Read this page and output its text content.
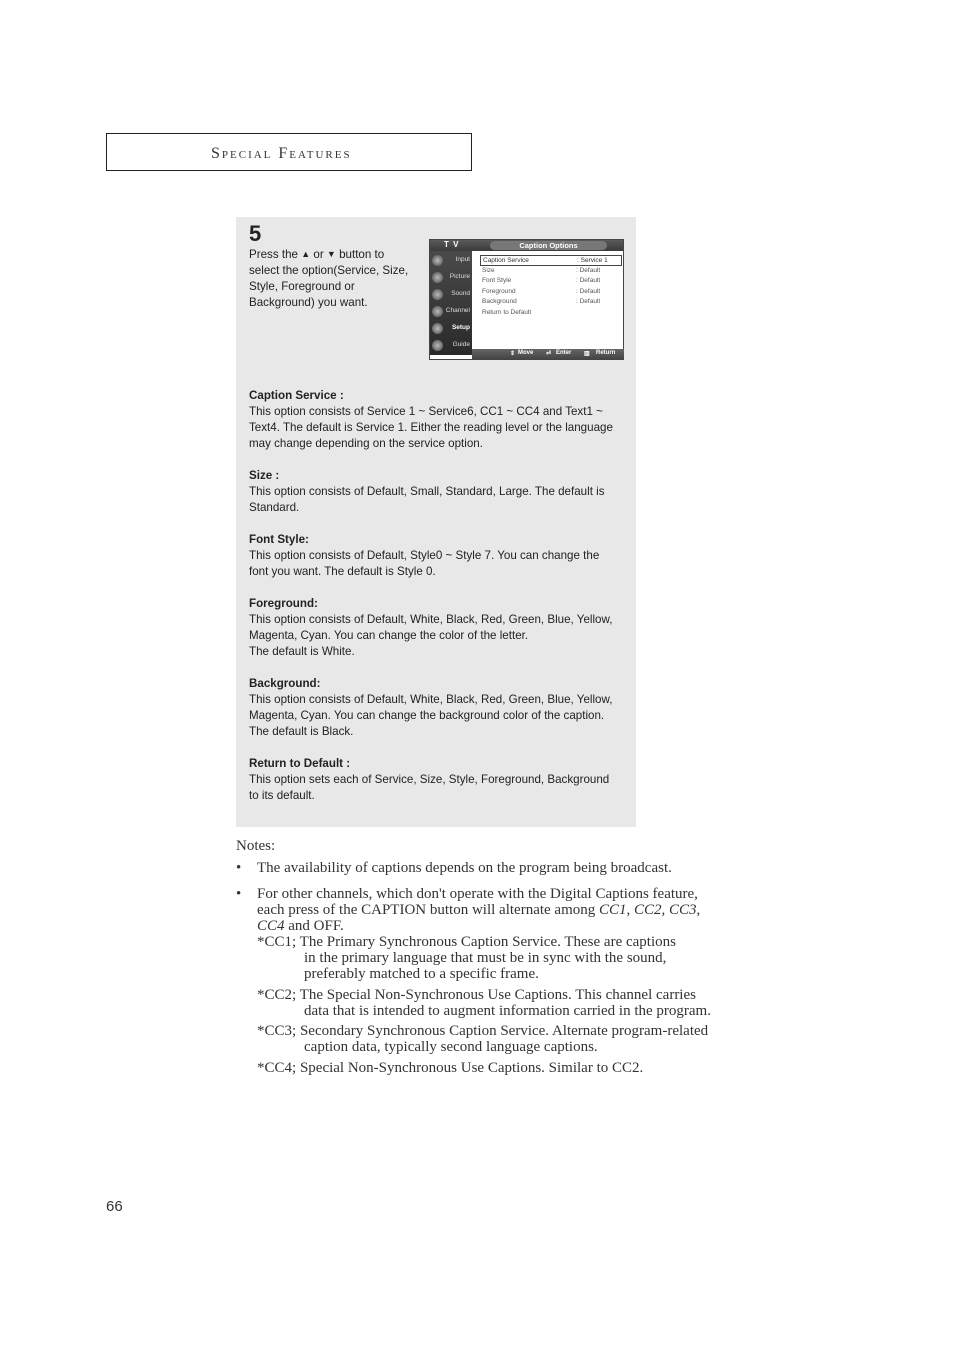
Special Features
5
Press the ▲ or ▼ button to select the option(Service, Size, Style, Foreground or Background) you want.
T V	Caption Options
Input
Picture
Sound
Channel
Setup
Guide
Caption Service	: Service 1
Size	: Default
Font Style	: Default
Foreground	: Default
Background	: Default
Return to Default
⇕ Move ⏎ Enter ▥ Return
Caption Service :
This option consists of Service 1 ~ Service6, CC1 ~ CC4 and Text1 ~
Text4. The default is Service 1. Either the reading level or the language
may change depending on the service option.
Size :
This option consists of Default, Small, Standard, Large. The default is
Standard.
Font Style:
This option consists of Default, Style0 ~ Style 7. You can change the
font you want. The default is Style 0.
Foreground:
This option consists of Default, White, Black, Red, Green, Blue, Yellow,
Magenta, Cyan. You can change the color of the letter.
The default is White.
Background:
This option consists of Default, White, Black, Red, Green, Blue, Yellow,
Magenta, Cyan. You can change the background color of the caption.
The default is Black.
Return to Default :
This option sets each of Service, Size, Style, Foreground, Background
to its default.
Notes:
• The availability of captions depends on the program being broadcast.
• For other channels, which don't operate with the Digital Captions feature,
each press of the CAPTION button will alternate among CC1, CC2, CC3,
CC4 and OFF.
*CC1; The Primary Synchronous Caption Service. These are captions
in the primary language that must be in sync with the sound,
preferably matched to a specific frame.
*CC2; The Special Non-Synchronous Use Captions. This channel carries
data that is intended to augment information carried in the program.
*CC3; Secondary Synchronous Caption Service. Alternate program-related
caption data, typically second language captions.
*CC4; Special Non-Synchronous Use Captions. Similar to CC2.
66
